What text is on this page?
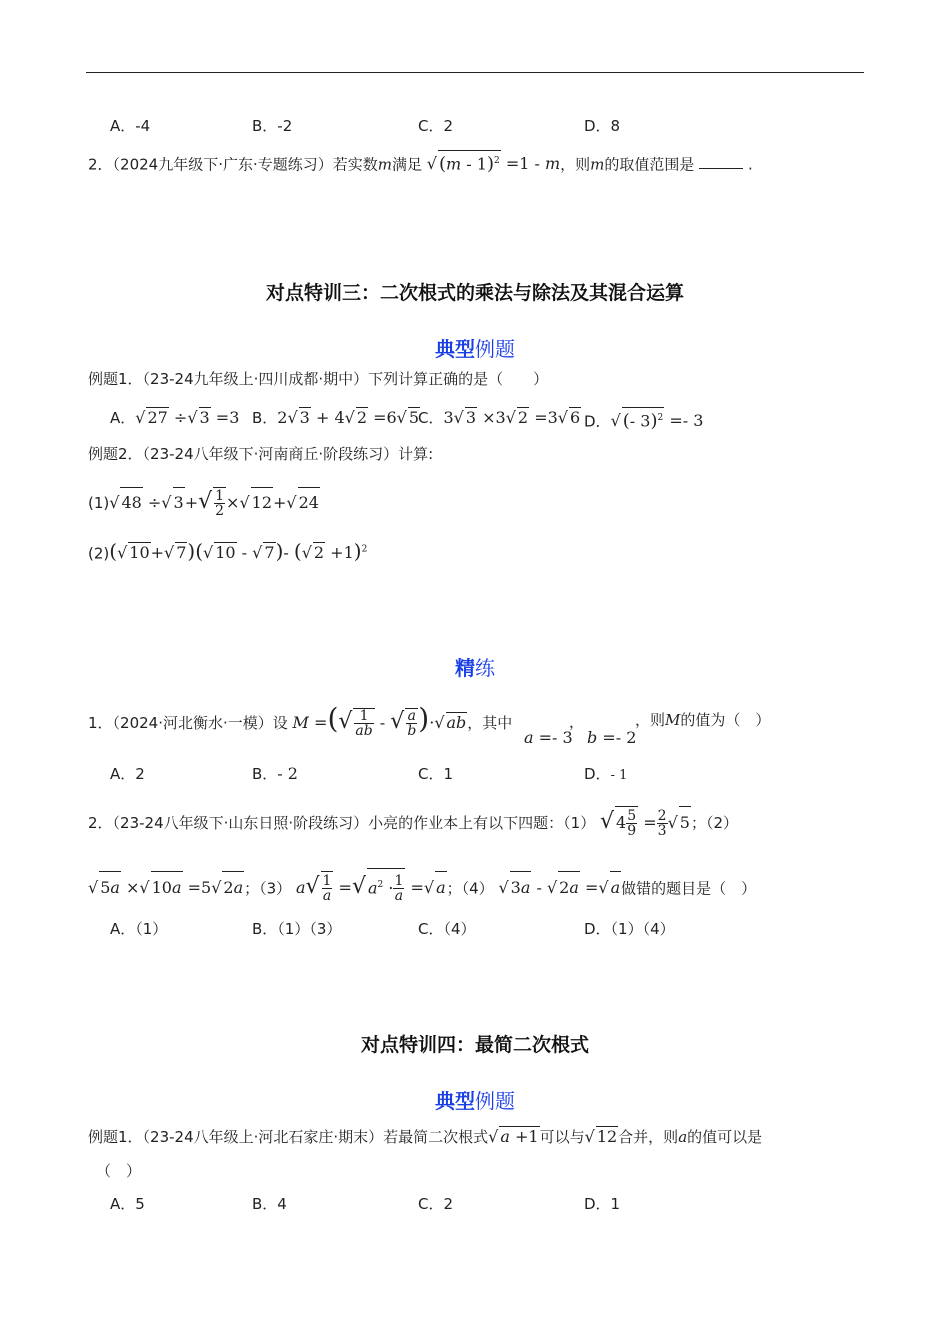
A．-4	B．-2	C．2	D．8
2．（2024九年级下·广东·专题练习）若实数m满足 √ (m - 1)$^2$ =1 - m，则m的取值范围是	.
对点特训三：二次根式的乘法与除法及其混合运算
典型例题
例题1．（23-24九年级上·四川成都·期中）下列计算正确的是（　　）
A．√ 27 ÷√ 3 =3 B．2√ 3 + 4√ 2 =6√ 5
C．3√ 3 ×3√ 2 =3√ 6 D．√ (- 3)$^2$ =- 3
例题2．（23-24八年级下·河南商丘·阶段练习）计算:
(1)√ 48 ÷√ $3+√ \frac{1}{2}$ ×√ 12+√ 24
(2)(√ 10+√ 7)(√ 10 - √ 7)- (√ 2 +1)$^2$
精练
1．（2024·河北衡水·一模）设 M =(√ $\frac{1}{ab}$ - √ $\frac{a}{b}$ )·√ ab，其中
a =- 3
，
b =- 2
，则M的值为（　）
A．2	B．- 2	C．1	D．- 1
2．（23-24八年级下·山东日照·阶段练习）小亮的作业本上有以下四题：（1） √ $4 \frac{5}{9} = \frac{2}{3}$ √ 5；（2）
√ 5a ×√ 10a =5√ 2a；（3） $a√ \frac{1}{a}$ =√ $a^2 \cdot \frac{1}{a}$ =√ a；（4） √ 3a - √ 2a =√ a做错的题目是（　）
A．（1）	B．（1）（3）	C．（4）	D．（1）（4）
对点特训四：最简二次根式
典型例题
例题1．（23-24八年级上·河北石家庄·期末）若最简二次根式√ a +1可以与√ 12合并，则a的值可以是
（　）
A．5	B．4	C．2	D．1
